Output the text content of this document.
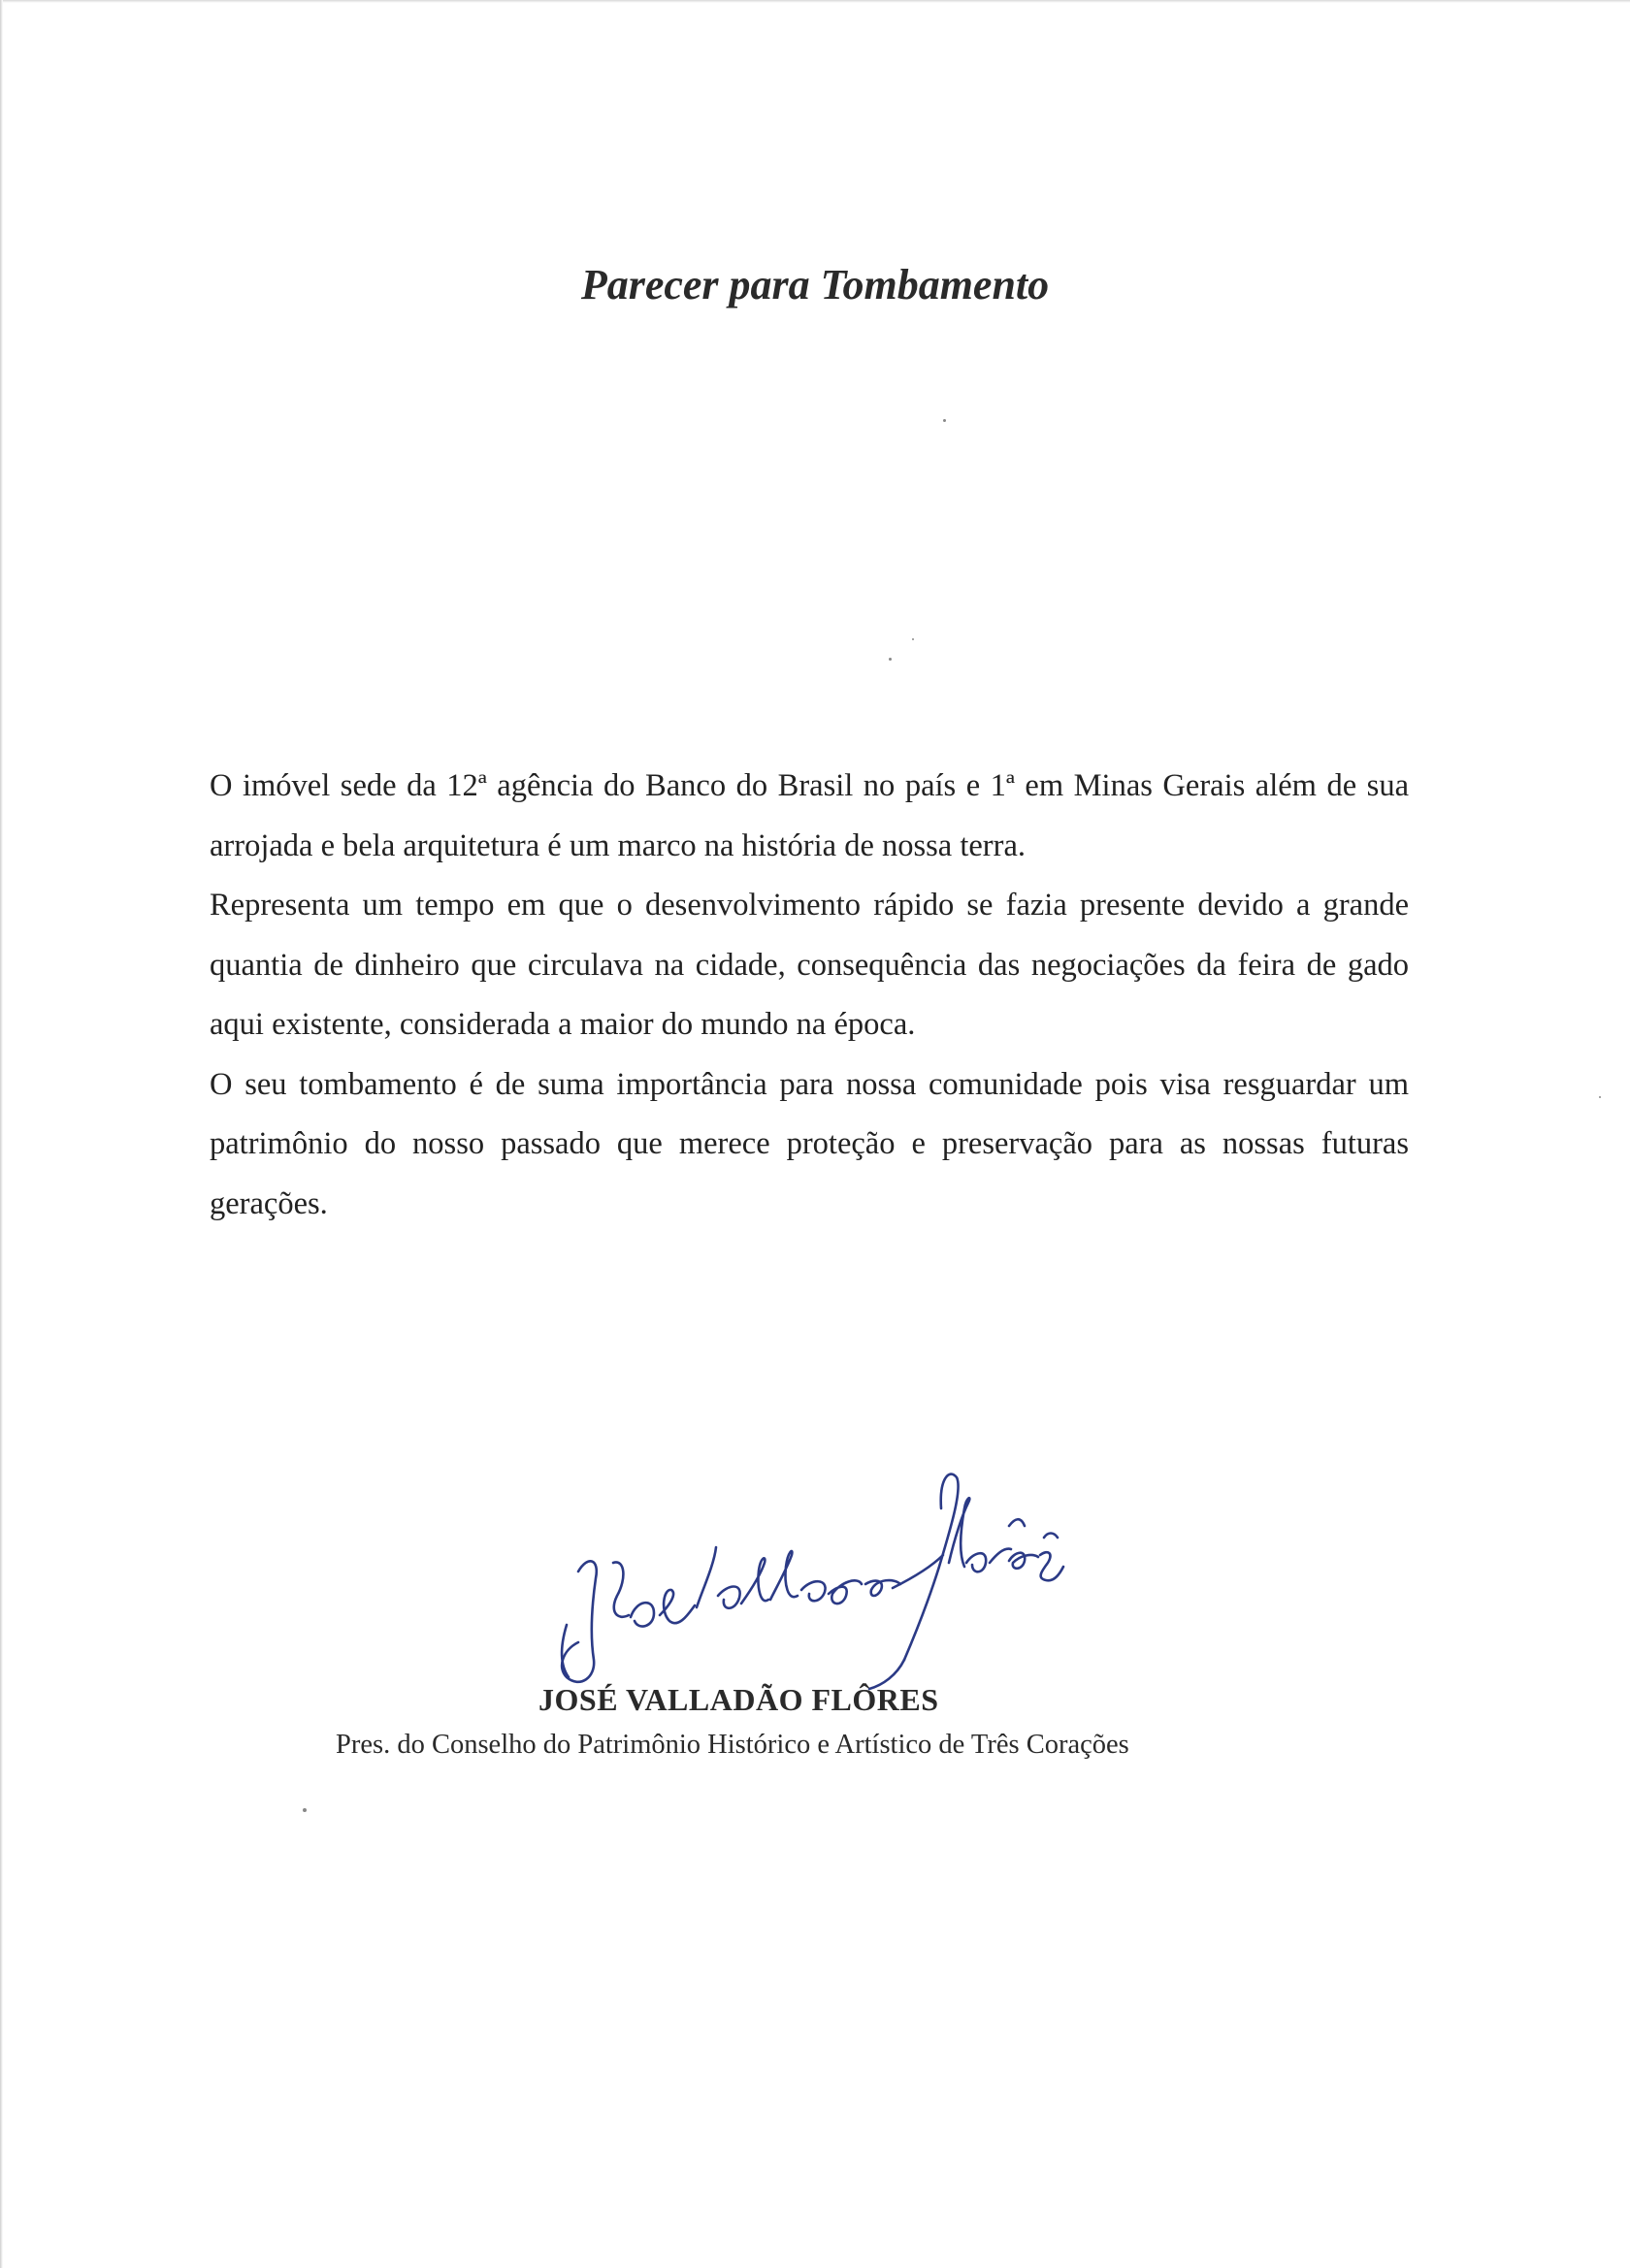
Parecer para Tombamento

O imóvel sede da 12ª agência do Banco do Brasil no país e 1ª em Minas Gerais além de sua arrojada e bela arquitetura é um marco na história de nossa terra.

Representa um tempo em que o desenvolvimento rápido se fazia presente devido a grande quantia de dinheiro que circulava na cidade, consequência das negociações da feira de gado aqui existente, considerada a maior do mundo na época.

O seu tombamento é de suma importância para nossa comunidade pois visa resguardar um patrimônio do nosso passado que merece proteção e preservação para as nossas futuras gerações.

JOSÉ VALLADÃO FLÔRES
Pres. do Conselho do Patrimônio Histórico e Artístico de Três Corações
